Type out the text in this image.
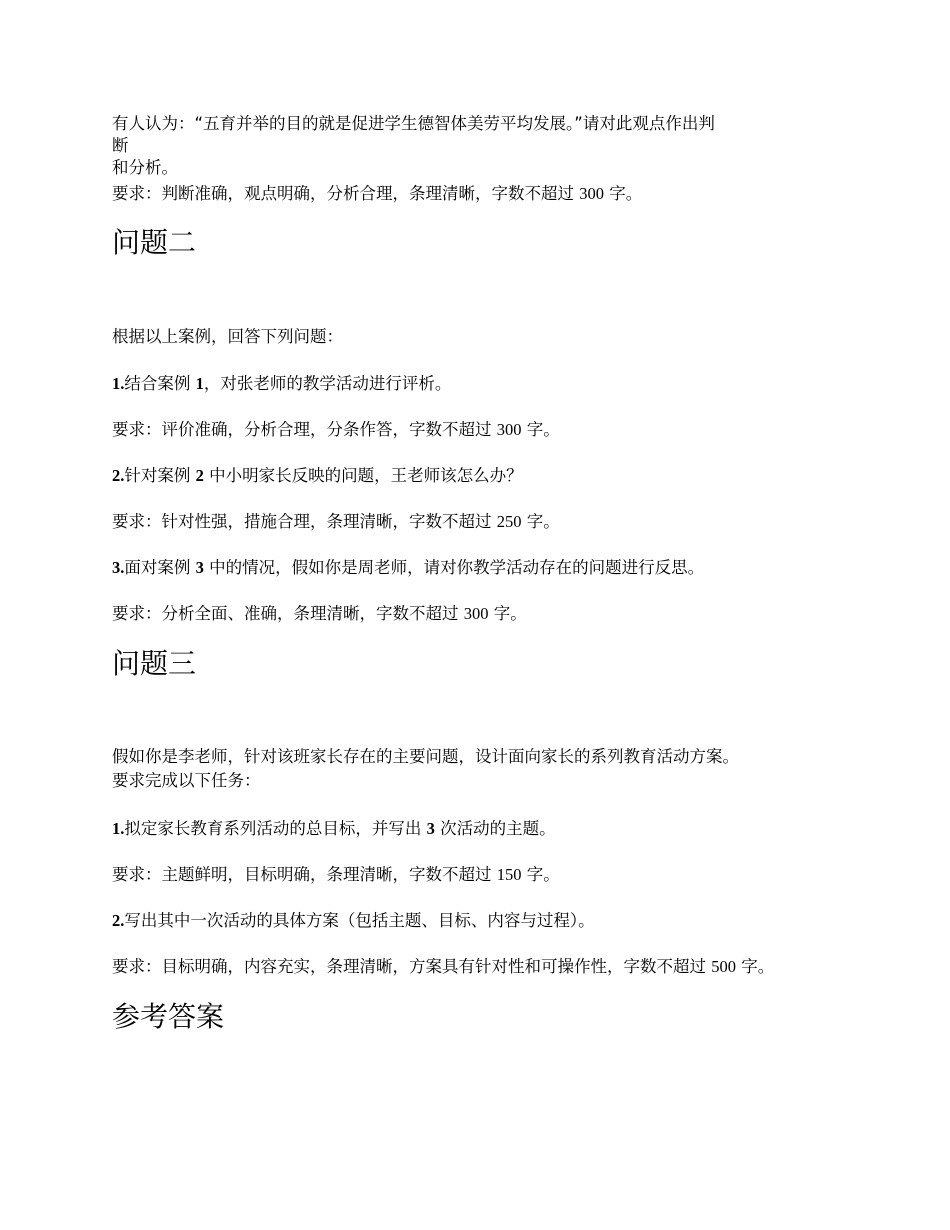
有人认为：“五育并举的目的就是促进学生德智体美劳平均发展。”请对此观点作出判
断
和分析。
要求：判断准确，观点明确，分析合理，条理清晰，字数不超过 300 字。
问题二
根据以上案例，回答下列问题：
1.结合案例 1，对张老师的教学活动进行评析。
要求：评价准确，分析合理，分条作答，字数不超过 300 字。
2.针对案例 2 中小明家长反映的问题，王老师该怎么办？
要求：针对性强，措施合理，条理清晰，字数不超过 250 字。
3.面对案例 3 中的情况，假如你是周老师，请对你教学活动存在的问题进行反思。
要求：分析全面、准确，条理清晰，字数不超过 300 字。
问题三
假如你是李老师，针对该班家长存在的主要问题，设计面向家长的系列教育活动方案。
要求完成以下任务：
1.拟定家长教育系列活动的总目标，并写出 3 次活动的主题。
要求：主题鲜明，目标明确，条理清晰，字数不超过 150 字。
2.写出其中一次活动的具体方案（包括主题、目标、内容与过程）。
要求：目标明确，内容充实，条理清晰，方案具有针对性和可操作性，字数不超过 500 字。
参考答案
